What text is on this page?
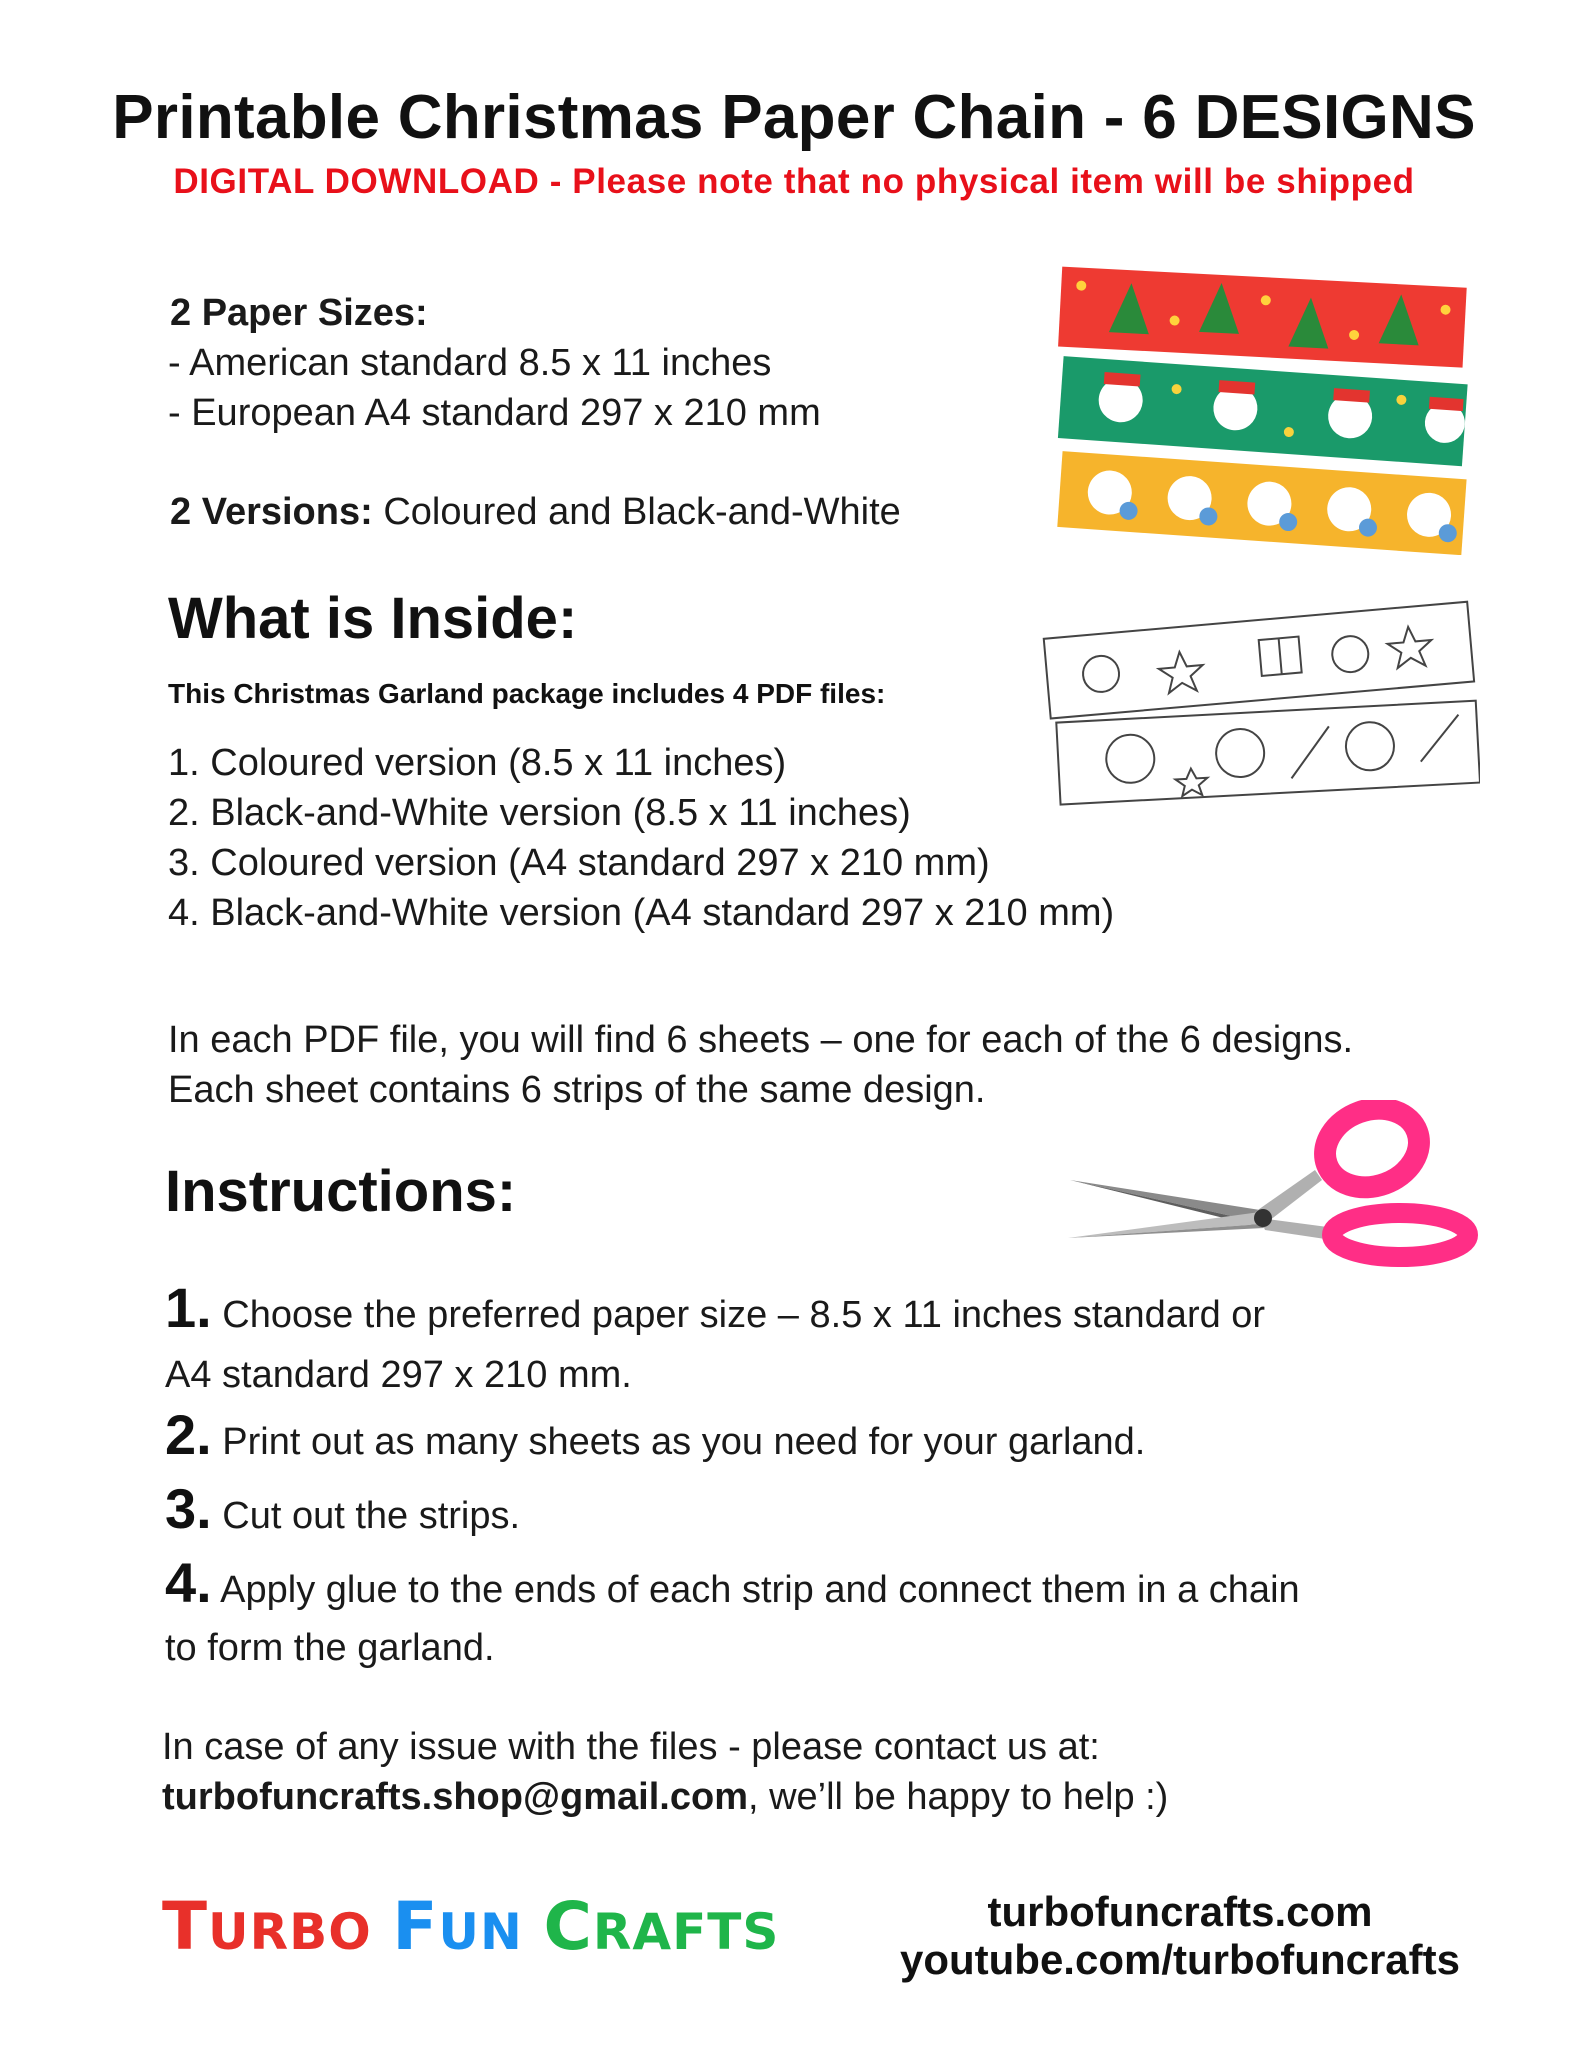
Printable Christmas Paper Chain - 6 DESIGNS
DIGITAL DOWNLOAD - Please note that no physical item will be shipped
2 Paper Sizes:
- American standard 8.5 x 11 inches
- European A4 standard 297 x 210 mm
2 Versions: Coloured and Black-and-White
What is Inside:
This Christmas Garland package includes 4 PDF files:
1. Coloured version (8.5 x 11 inches)
2. Black-and-White version (8.5 x 11 inches)
3. Coloured version (A4 standard 297 x 210 mm)
4. Black-and-White version (A4 standard 297 x 210 mm)
In each PDF file, you will find 6 sheets – one for each of the 6 designs.
Each sheet contains 6 strips of the same design.
Instructions:
1. Choose the preferred paper size – 8.5 x 11 inches standard or
A4 standard 297 x 210 mm.
2. Print out as many sheets as you need for your garland.
3. Cut out the strips.
4. Apply glue to the ends of each strip and connect them in a chain
to form the garland.
In case of any issue with the files - please contact us at:
turbofuncrafts.shop@gmail.com, we’ll be happy to help :)
TURBO FUN CRAFTS	turbofuncrafts.com
youtube.com/turbofuncrafts
